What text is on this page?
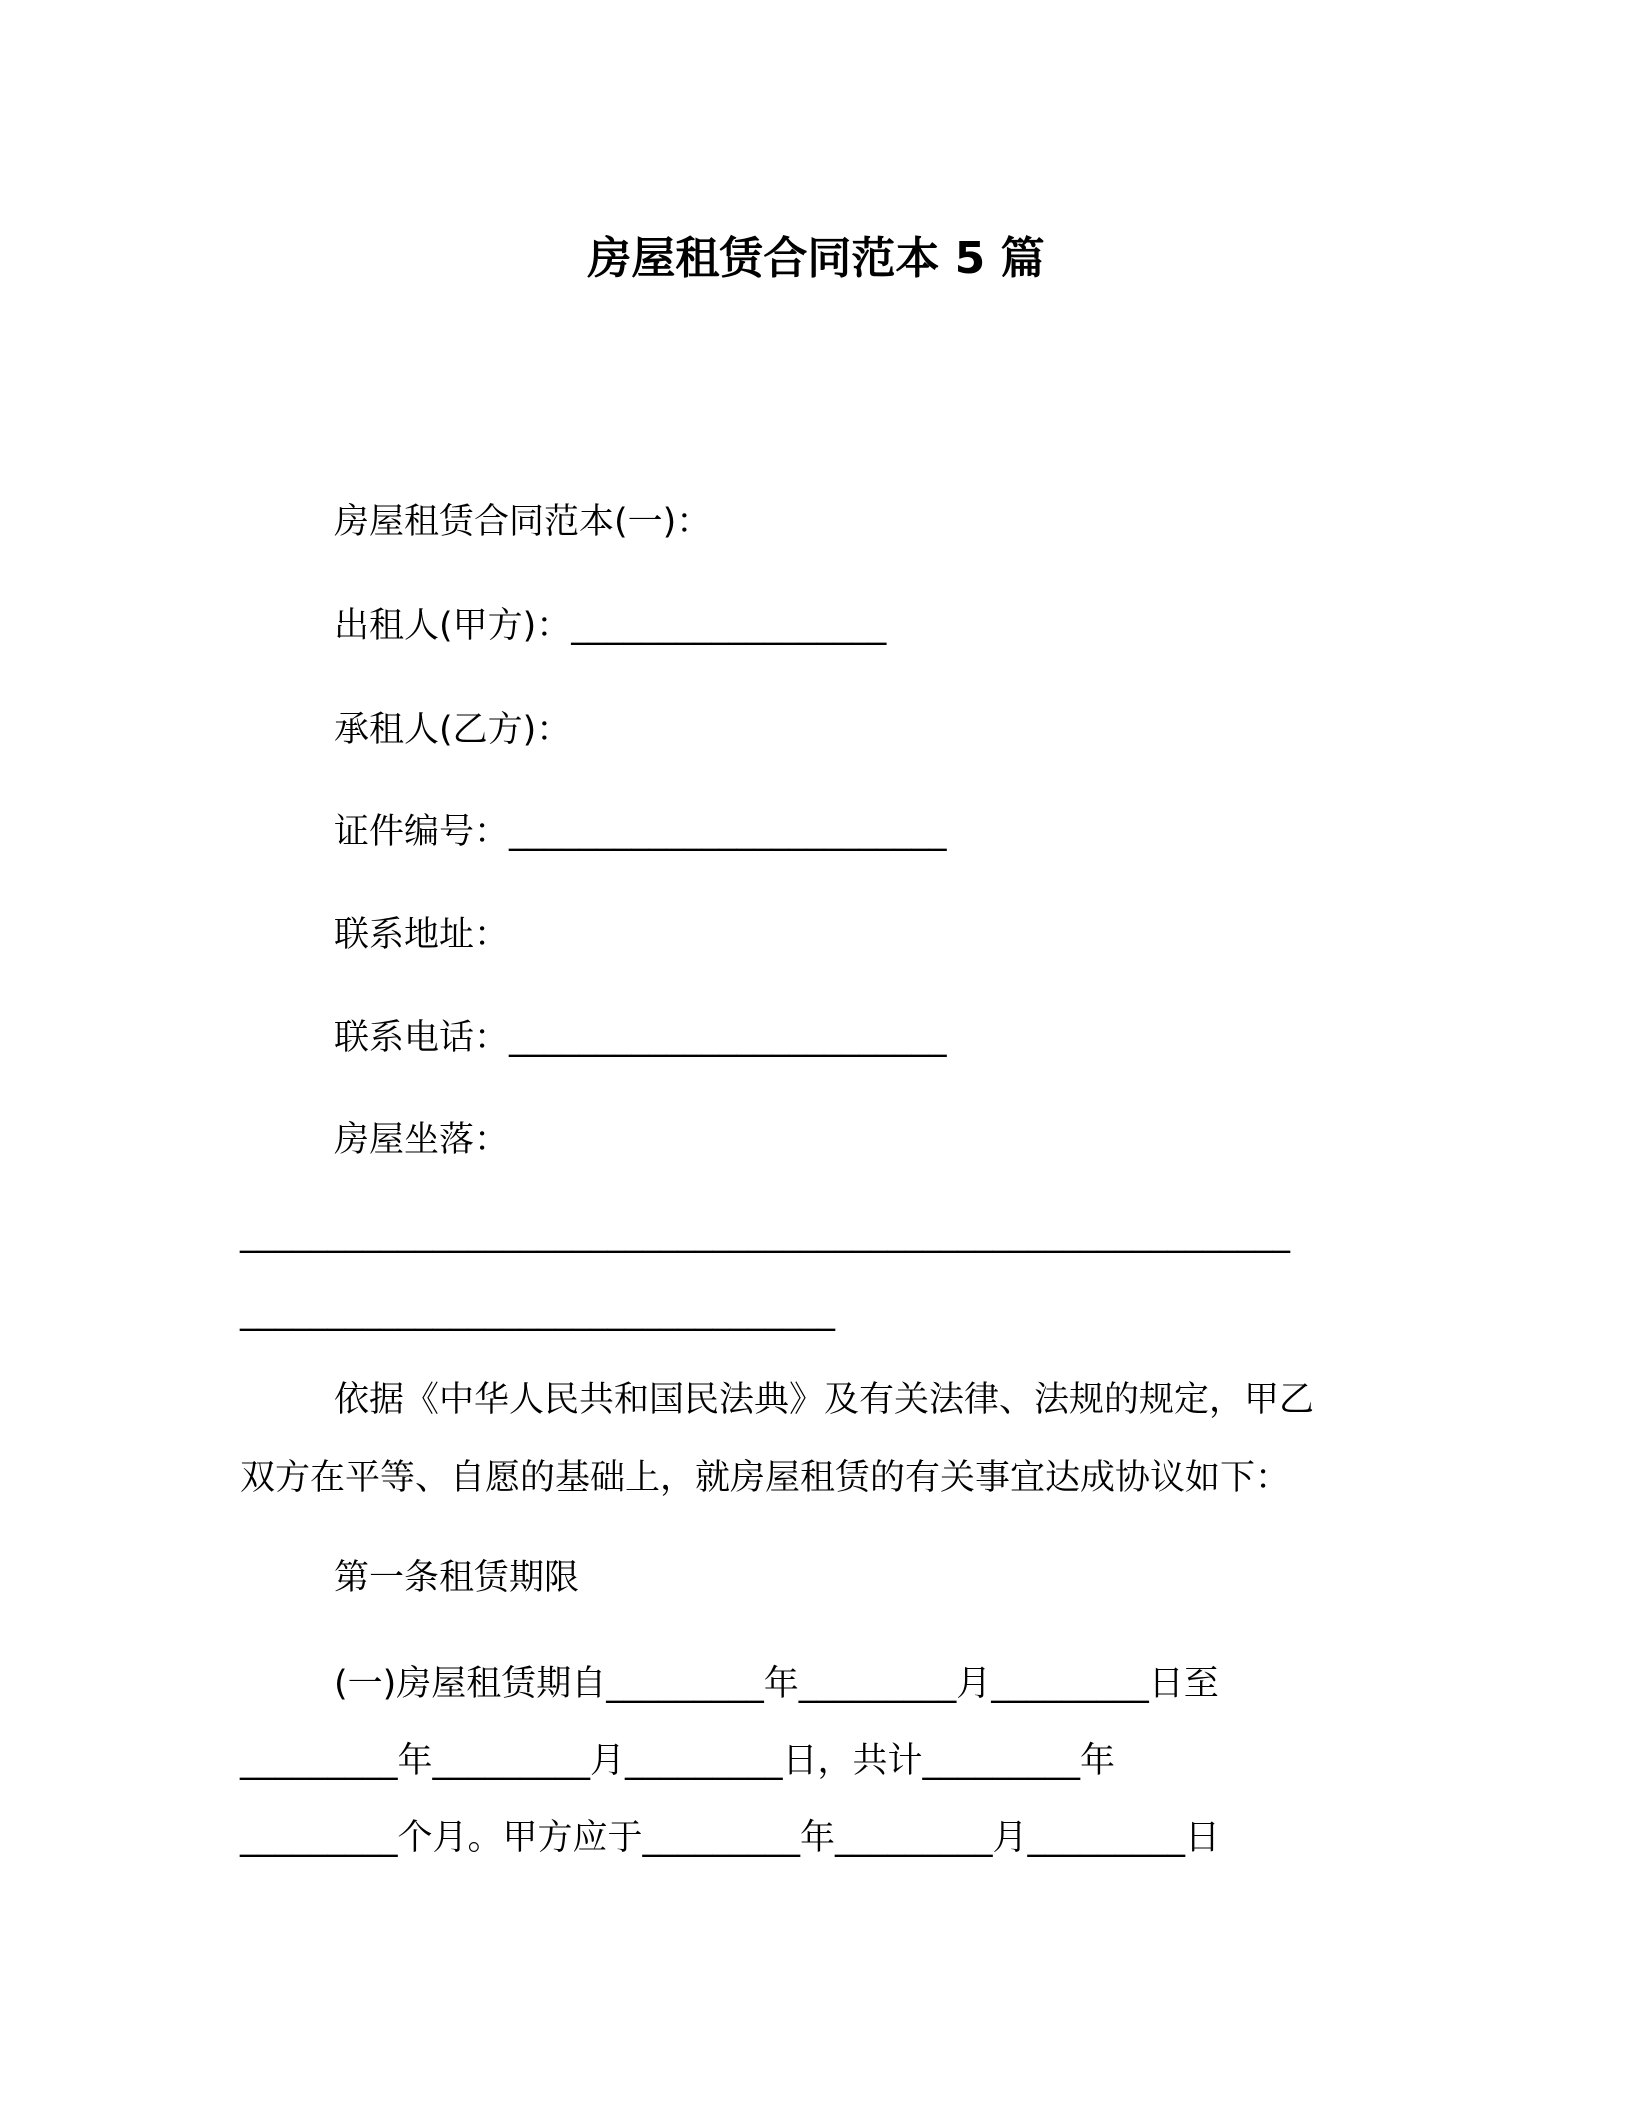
房屋租赁合同范本 5 篇
房屋租赁合同范本(一)：
出租人(甲方)：__________________
承租人(乙方)：
证件编号：_________________________
联系地址：
联系电话：_________________________
房屋坐落：
____________________________________________________________
__________________________________
依据《中华人民共和国民法典》及有关法律、法规的规定，甲乙
双方在平等、自愿的基础上，就房屋租赁的有关事宜达成协议如下：
第一条租赁期限
(一)房屋租赁期自_________年_________月_________日至
_________年_________月_________日，共计_________年
_________个月。甲方应于_________年_________月_________日
